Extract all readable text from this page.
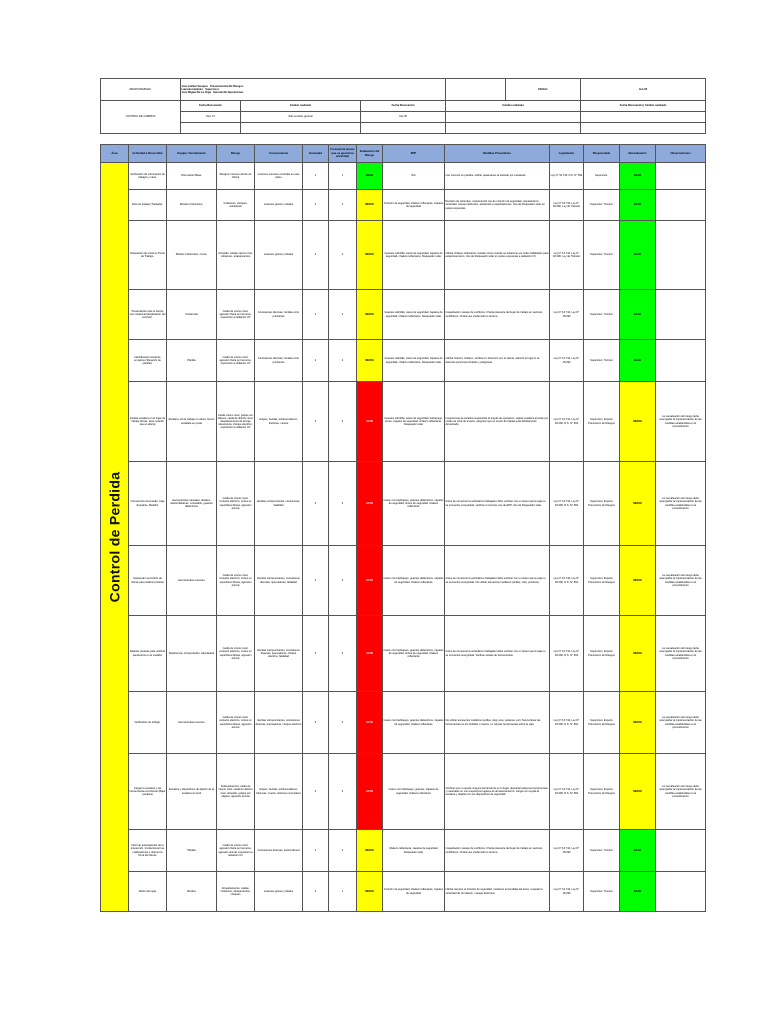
RESPONSABLES:	Jose Aniibel Vasquez Prevencionista De Riesgos
Lauredo Harinaro Supervisor
Jose Miguel De La Vega Gerente De Operaciones				FECHA:	Jun-05
CONTROL DE CAMBIOS	Fecha Renovación	Cambio realizado	Fecha Renovación	Cambio realizado		Fecha Renovación | Cambio realizado
	Dec-74	Solo revisión general	Jan-05			

Área	Actividad a Desarrollar	Equipo / Herramienta	Riesgo	Consecuencia	Gravedad	Frecuencia (veces que se ejecuta la actividad)	Evaluación del Riesgo	EPP	Medidas Preventivas	Legislación	Responsable	Reevaluación	Observaciones

Control de Perdida	Verificación de información de trabajos y rutas.	Información Base.	Riesgos menores dentro de oficina	Lesiones menores ocurridas en este plano	1	1	BAJO	N/A	Uso correcto en pasillos, utilizar pasamanos al transitar por escaleras.	Ley N° 16.744, D.S. N° 594	Supervisor.	BAJO	
	Ruta de trabajo (Traslado).	Móviles (Vehículos).	Colisiones, choques, volcaduras	Lesiones graves y fatales	3	2	MEDIO	Cinturón de seguridad, chaleco reflectante, zapatos de seguridad	Revisión de vehículos, manteniendo uso de cinturón de seguridad, respetando la velocidad, manejo defensivo, asistiendo a capacitaciones. Uso de bloqueador solar en partes expuestas.	Ley N° 16.744, Ley N° 18.290, Ley de Tránsito	Supervisor, Técnico	BAJO	
	Disposición de móvil en Punto de Trabajo.	Móviles (Vehículos), conos.	Atropello, caídas mismo nivel, colisiones, atrapamientos	Lesiones graves y fatales	3	2	MEDIO	Guantes cabritilla, casco de seguridad, zapatos de seguridad, chaleco reflectante, bloqueador solar	Utilizar chaleco reflectante; instalar conos cuando se estacione por todos habilitados para estacionamiento. Uso de bloqueador solar en partes expuestas a radiación UV.	Ley N° 16.744, Ley N° 18.290, Ley de Tránsito	Supervisor, Técnico	BAJO	
	Presentación ante el cliente con credencial (Explicación del servicio).	Credencial	Caída de mismo nivel, agresión física por terceros, exposición a radiación UV	Contusiones diversas, heridas corto punzantes	2	2	MEDIO	Guantes cabritilla, casco de seguridad, zapatos de seguridad, chaleco reflectante, bloqueador solar	Capacitación manejo de conflictos. Charla relevante del lugar de trabajo en sectores conflictivos. Charla uso credencial en terreno.	Ley N° 16.744, Ley N° 18.290	Supervisor, Técnico	BAJO	
	Identificación visual de empalme (Situación de planilla).	Planilla	Caída de mismo nivel, agresión física por terceros, exposición a radiación UV	Contusiones diversas, heridas corto punzantes	2	2	MEDIO	Guantes cabritilla, casco de seguridad, zapatos de seguridad, chaleco reflectante, bloqueador solar	Utilizar linterna, chaleco, verificar en dirección con el cliente, advertir el lugar si se detectan personas extrañas y peligrosas.	Ley N° 16.744, Ley N° 18.290	Supervisor, Técnico	BAJO	
	Instalar escalera en el lugar de trabajo (Poste, doce cuando sea en altura)	Escalera, kit de trabajo en altura, frenos escalado en poste	Caída mismo nivel, golpes por objetos, caída de distinto nivel, desplazamiento de la hoja telescópica, choque eléctrico, exposición a radiación UV	Golpes, heridas, politraumatismo, fracturas, muerte	3	3	ALTO	Guantes cabritilla, casco de seguridad, barbiquejo, arnés, zapatos de seguridad, chaleco reflectante, bloqueador solar	Inspeccionar la escalera respetando el ángulo de operación, sujetar escalera al poste por medio de cinta de amarre, asegurar que en sector de trabajo esté debidamente demarcado.	Ley N° 16.744, Ley N° 18.290, D.S. N° 594	Supervisor, Experto Prevención de Riesgos	MEDIO	La reevaluación del riesgo debe acompañar la implementación de las medidas establecidas en el procedimiento
	Intervención Acometida, Caja Empalme, Medidor	Herramientas manuales, alicates, destornilladores, cortacable, guantes dieléctricos	Caída de mismo nivel, contacto eléctrico, cortes en superficies filosas, agresión animal	Heridas cortopunzantes, contusiones, fatalidad	3	3	ALTO	Casco con barbiquejo, guantes dieléctricos, zapatos de seguridad, lentes de seguridad, chaleco reflectante	Antes de comenzar la actividad el trabajador debe verificar con un tester que la caja no se encuentre energizada, verificar el correcto uso de EPP. Uso de bloqueador solar.	Ley N° 16.744, Ley N° 18.290, D.S. N° 594	Supervisor, Experto Prevención de Riesgos	MEDIO	La reevaluación del riesgo debe acompañar la implementación de las medidas establecidas en el procedimiento
	Suspender suministro de cliente para realizar pruebas	Herramientas menores	Caída de mismo nivel, contacto eléctrico, cortes en superficies filosas, agresión animal	Heridas cortopunzantes, contusiones diversas, quemaduras, fatalidad	3	3	ALTO	Casco con barbiquejo, guantes dieléctricos, zapatos de seguridad, chaleco reflectante	Antes de comenzar la actividad el trabajador debe verificar con un tester que la caja no se encuentre energizada. No utilizar elementos metálicos (anillos, reloj, pulseras).	Ley N° 16.744, Ley N° 18.290, D.S. N° 594	Supervisor, Experto Prevención de Riesgos	MEDIO	La reevaluación del riesgo debe acompañar la implementación de las medidas establecidas en el procedimiento
	Realizar pruebas para verificar parámetros en el medidor	Resistencia, Comprobador, calculadora	Caída de mismo nivel, contacto eléctrico, cortes en superficies filosas, agresión animal	Heridas cortopunzantes, contusiones diversas, quemaduras, choque eléctrico, fatalidad	3	3	ALTO	Casco con barbiquejo, guantes dieléctricos, zapatos de seguridad, lentes de seguridad, chaleco reflectante	Antes de comenzar la actividad el trabajador debe verificar con un tester que la caja no se encuentre energizada. Verificar estado de herramientas.	Ley N° 16.744, Ley N° 18.290, D.S. N° 594	Supervisor, Experto Prevención de Riesgos	MEDIO	La reevaluación del riesgo debe acompañar la implementación de las medidas establecidas en el procedimiento
	Verificación de trabajo.	Herramientas menores	Caída de mismo nivel, contacto eléctrico, cortes en superficies filosas, agresión animal	Heridas cortopunzantes, contusiones diversas, quemaduras, choque eléctrico	3	3	ALTO	Casco con barbiquejo, guantes dieléctricos, zapatos de seguridad, chaleco reflectante	No utilizar accesorios metálicos (anillos, reloj, aros, pulseras, etc). Nunca llevar las herramientas en los bolsillos o manos, no colocar herramientas sobre la caja.	Ley N° 16.744, Ley N° 18.290, D.S. N° 594	Supervisor, Experto Prevención de Riesgos	MEDIO	La reevaluación del riesgo debe acompañar la implementación de las medidas establecidas en el procedimiento
	Cargar la escalera y las herramientas al vehículo (Bajar escalera)	Escalera y dispositivos de fijación de la escalera al móvil	Sobreesfuerzos, caída de mismo nivel, caída de distinto nivel, atropello, golpes por objetos, agresión animal	Golpes, heridas, politraumatismo, fracturas, muerte, lesiones musculares	3	3	ALTO	Casco con barbiquejo, guantes, zapatos de seguridad, chaleco reflectante	Verificar que no quede ninguna herramienta en el lugar, depositar todas las herramientas y materiales en sus respectivos lugares de almacenamiento. Cargar con ayuda la escalera y dejarla con sus dispositivos de seguridad.	Ley N° 16.744, Ley N° 18.290, D.S. N° 594	Supervisor, Experto Prevención de Riesgos	MEDIO	La reevaluación del riesgo debe acompañar la implementación de las medidas establecidas en el procedimiento
	Informar antecedentes de la inspección. Confeccionar las notificaciones y obtener la firma del cliente	Planilla	Caída de mismo nivel, agresión física por terceros, agresión animal, exposición a radiación UV	Contusiones diversas, estrés laboral	2	2	MEDIO	Chaleco reflectante, zapatos de seguridad, bloqueador solar	Capacitación manejo de conflictos. Charla relevante del lugar de trabajo en sectores conflictivos. Charla uso credencial en terreno.	Ley N° 16.744, Ley N° 18.290	Supervisor, Técnico	BAJO	
	Retiro del lugar	Móviles	Atropellamiento, caídas, colisiones, atrapamientos, choques	Lesiones graves y fatales	3	1	MEDIO	Cinturón de seguridad, chaleco reflectante, zapatos de seguridad	Utilizar siempre el cinturón de seguridad, mantener encendidas las luces, respetar la velocidad de circulación, manejo defensivo.	Ley N° 16.744, Ley N° 18.290	Supervisor, Técnico	BAJO	
